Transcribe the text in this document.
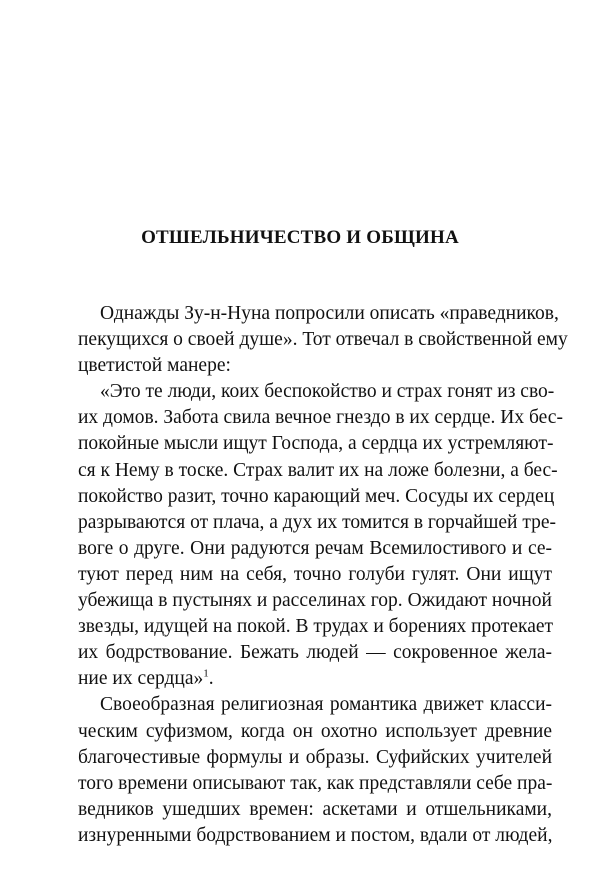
ОТШЕЛЬНИЧЕСТВО И ОБЩИНА
Однажды Зу-н-Нуна попросили описать «праведников,
пекущихся о своей душе». Тот отвечал в свойственной ему
цветистой манере:
«Это те люди, коих беспокойство и страх гонят из сво-
их домов. Забота свила вечное гнездо в их сердце. Их бес-
покойные мысли ищут Господа, а сердца их устремляют-
ся к Нему в тоске. Страх валит их на ложе болезни, а бес-
покойство разит, точно карающий меч. Сосуды их сердец
разрываются от плача, а дух их томится в горчайшей тре-
воге о друге. Они радуются речам Всемилостивого и се-
туют перед ним на себя, точно голуби гулят. Они ищут
убежища в пустынях и расселинах гор. Ожидают ночной
звезды, идущей на покой. В трудах и борениях протекает
их бодрствование. Бежать людей — сокровенное жела-
ние их сердца»$^1$.
Своеобразная религиозная романтика движет класси-
ческим суфизмом, когда он охотно использует древние
благочестивые формулы и образы. Суфийских учителей
того времени описывают так, как представляли себе пра-
ведников ушедших времен: аскетами и отшельниками,
изнуренными бодрствованием и постом, вдали от людей,
